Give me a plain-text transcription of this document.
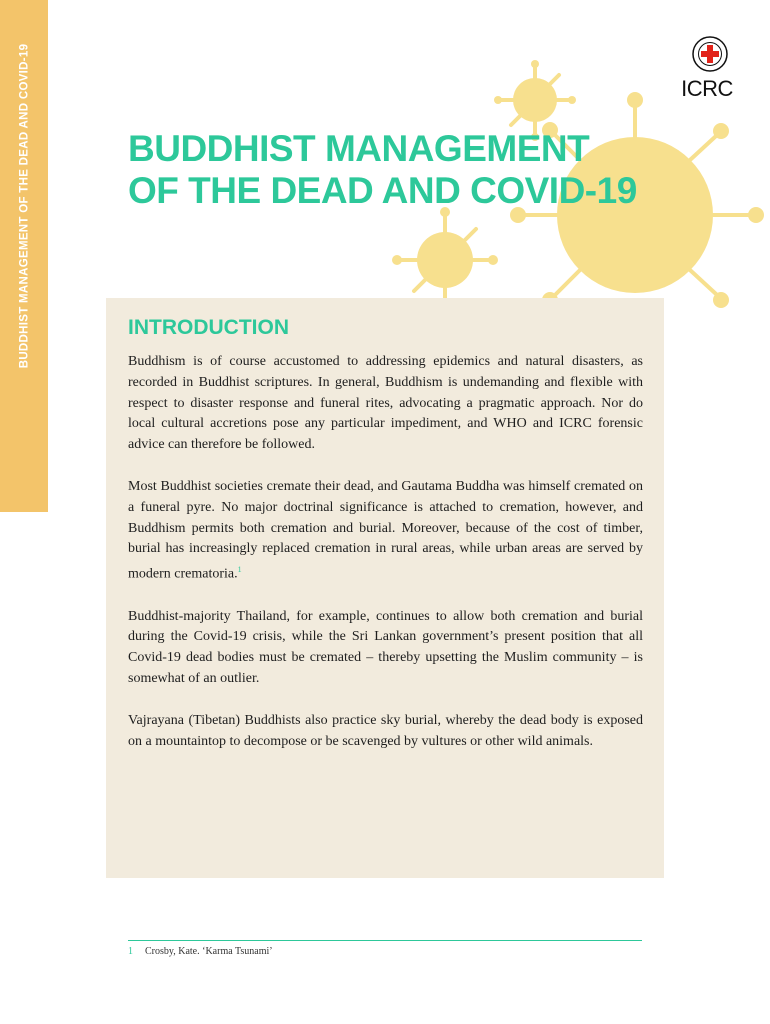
BUDDHIST MANAGEMENT OF THE DEAD AND COVID-19	ICRC
BUDDHIST MANAGEMENT
OF THE DEAD AND COVID-19
INTRODUCTION

Buddhism is of course accustomed to addressing epidemics and natural disasters, as recorded in Buddhist scriptures. In general, Buddhism is undemanding and flexible with respect to disaster response and funeral rites, advocating a pragmatic approach. Nor do local cultural accretions pose any particular impediment, and WHO and ICRC forensic advice can therefore be followed.

Most Buddhist societies cremate their dead, and Gautama Buddha was himself cremated on a funeral pyre. No major doctrinal significance is attached to cremation, however, and Buddhism permits both cremation and burial. Moreover, because of the cost of timber, burial has increasingly replaced cremation in rural areas, while urban areas are served by modern crematoria.$^1$

Buddhist-majority Thailand, for example, continues to allow both cremation and burial during the Covid-19 crisis, while the Sri Lankan government’s present position that all Covid-19 dead bodies must be cremated – thereby upsetting the Muslim community – is somewhat of an outlier.

Vajrayana (Tibetan) Buddhists also practice sky burial, whereby the dead body is exposed on a mountaintop to decompose or be scavenged by vultures or other wild animals.

1 Crosby, Kate. ‘Karma Tsunami’
